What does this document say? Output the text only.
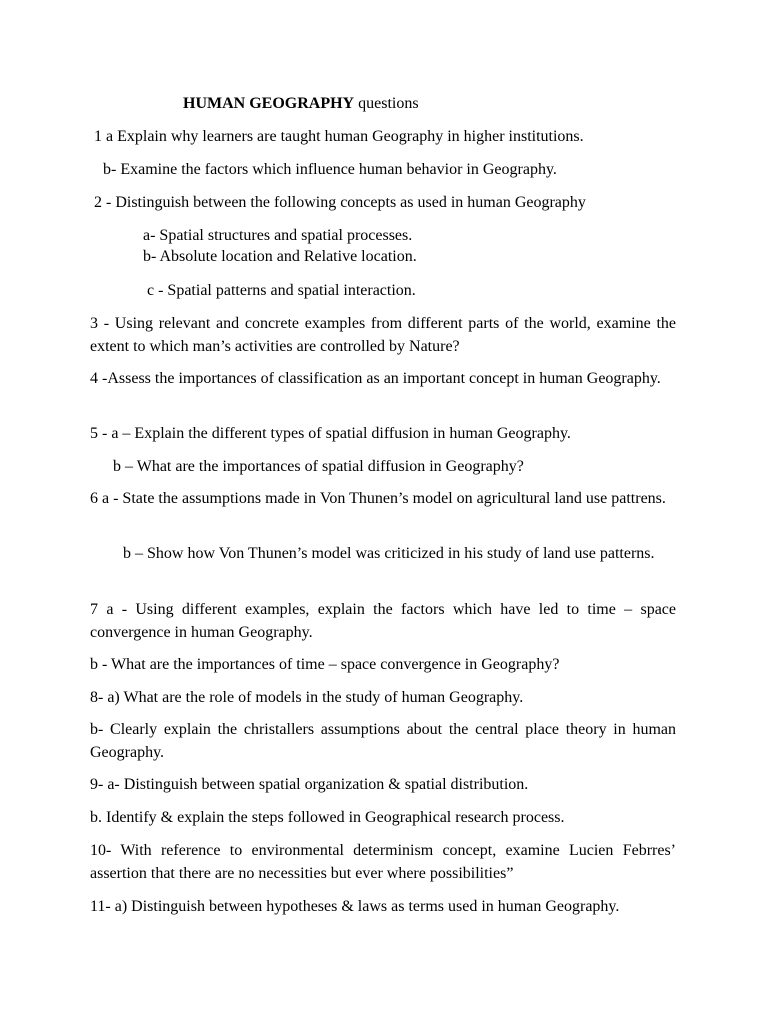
HUMAN GEOGRAPHY questions

1 a Explain why learners are taught human Geography in higher institutions.

b- Examine the factors which influence human behavior in Geography.

2 - Distinguish between the following concepts as used in human Geography

a- Spatial structures and spatial processes.

b- Absolute location and Relative location.

c - Spatial patterns and spatial interaction.

3 - Using relevant and concrete examples from different parts of the world, examine the extent to which man’s activities are controlled by Nature?

4 -Assess the importances of classification as an important concept in human Geography.

5 - a – Explain the different types of spatial diffusion in human Geography.

b – What are the importances of spatial diffusion in Geography?

6 a - State the assumptions made in Von Thunen’s model on agricultural land use pattrens.

b – Show how Von Thunen’s model was criticized in his study of land use patterns.

7 a - Using different examples, explain the factors which have led to time – space convergence in human Geography.

b - What are the importances of time – space convergence in Geography?

8- a) What are the role of models in the study of human Geography.

b- Clearly explain the christallers assumptions about the central place theory in human Geography.

9- a- Distinguish between spatial organization & spatial distribution.

b. Identify & explain the steps followed in Geographical research process.

10- With reference to environmental determinism concept, examine Lucien Febrres’ assertion that there are no necessities but ever where possibilities”

11- a) Distinguish between hypotheses & laws as terms used in human Geography.
